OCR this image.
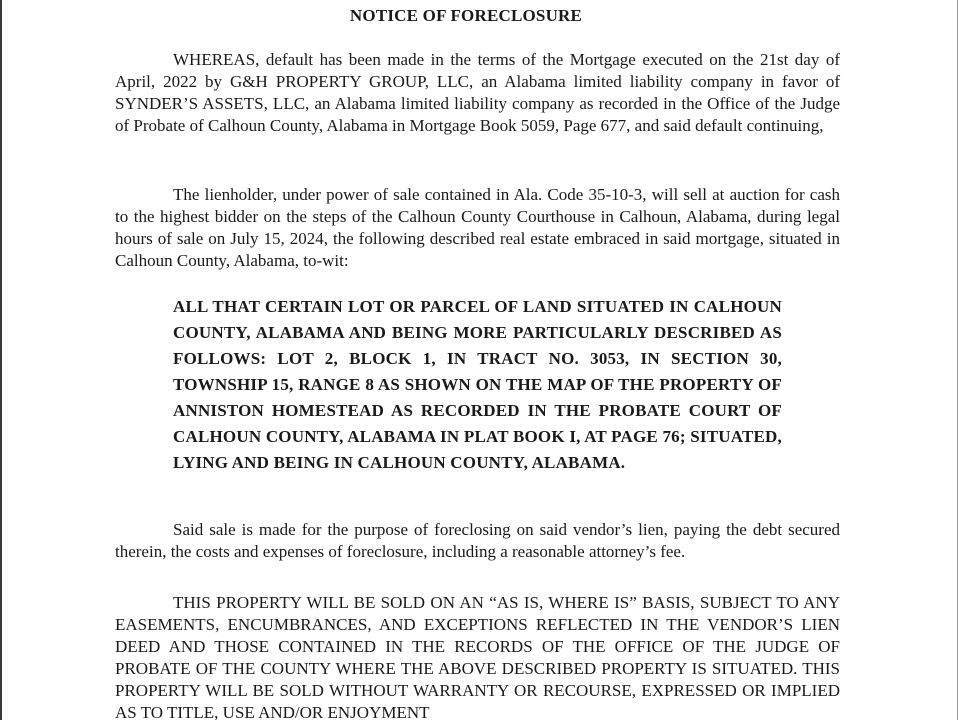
NOTICE OF FORECLOSURE

WHEREAS, default has been made in the terms of the Mortgage executed on the 21st day of April, 2022 by G&H PROPERTY GROUP, LLC, an Alabama limited liability company in favor of SYNDER’S ASSETS, LLC, an Alabama limited liability company as recorded in the Office of the Judge of Probate of Calhoun County, Alabama in Mortgage Book 5059, Page 677, and said default continuing,

The lienholder, under power of sale contained in Ala. Code 35-10-3, will sell at auction for cash to the highest bidder on the steps of the Calhoun County Courthouse in Calhoun, Alabama, during legal hours of sale on July 15, 2024, the following described real estate embraced in said mortgage, situated in Calhoun County, Alabama, to-wit:

ALL THAT CERTAIN LOT OR PARCEL OF LAND SITUATED IN CALHOUN COUNTY, ALABAMA AND BEING MORE PARTICULARLY DESCRIBED AS FOLLOWS: LOT 2, BLOCK 1, IN TRACT NO. 3053, IN SECTION 30, TOWNSHIP 15, RANGE 8 AS SHOWN ON THE MAP OF THE PROPERTY OF ANNISTON HOMESTEAD AS RECORDED IN THE PROBATE COURT OF CALHOUN COUNTY, ALABAMA IN PLAT BOOK I, AT PAGE 76; SITUATED, LYING AND BEING IN CALHOUN COUNTY, ALABAMA.

Said sale is made for the purpose of foreclosing on said vendor’s lien, paying the debt secured therein, the costs and expenses of foreclosure, including a reasonable attorney’s fee.

THIS PROPERTY WILL BE SOLD ON AN “AS IS, WHERE IS” BASIS, SUBJECT TO ANY EASEMENTS, ENCUMBRANCES, AND EXCEPTIONS REFLECTED IN THE VENDOR’S LIEN DEED AND THOSE CONTAINED IN THE RECORDS OF THE OFFICE OF THE JUDGE OF PROBATE OF THE COUNTY WHERE THE ABOVE DESCRIBED PROPERTY IS SITUATED. THIS PROPERTY WILL BE SOLD WITHOUT WARRANTY OR RECOURSE, EXPRESSED OR IMPLIED AS TO TITLE, USE AND/OR ENJOYMENT
